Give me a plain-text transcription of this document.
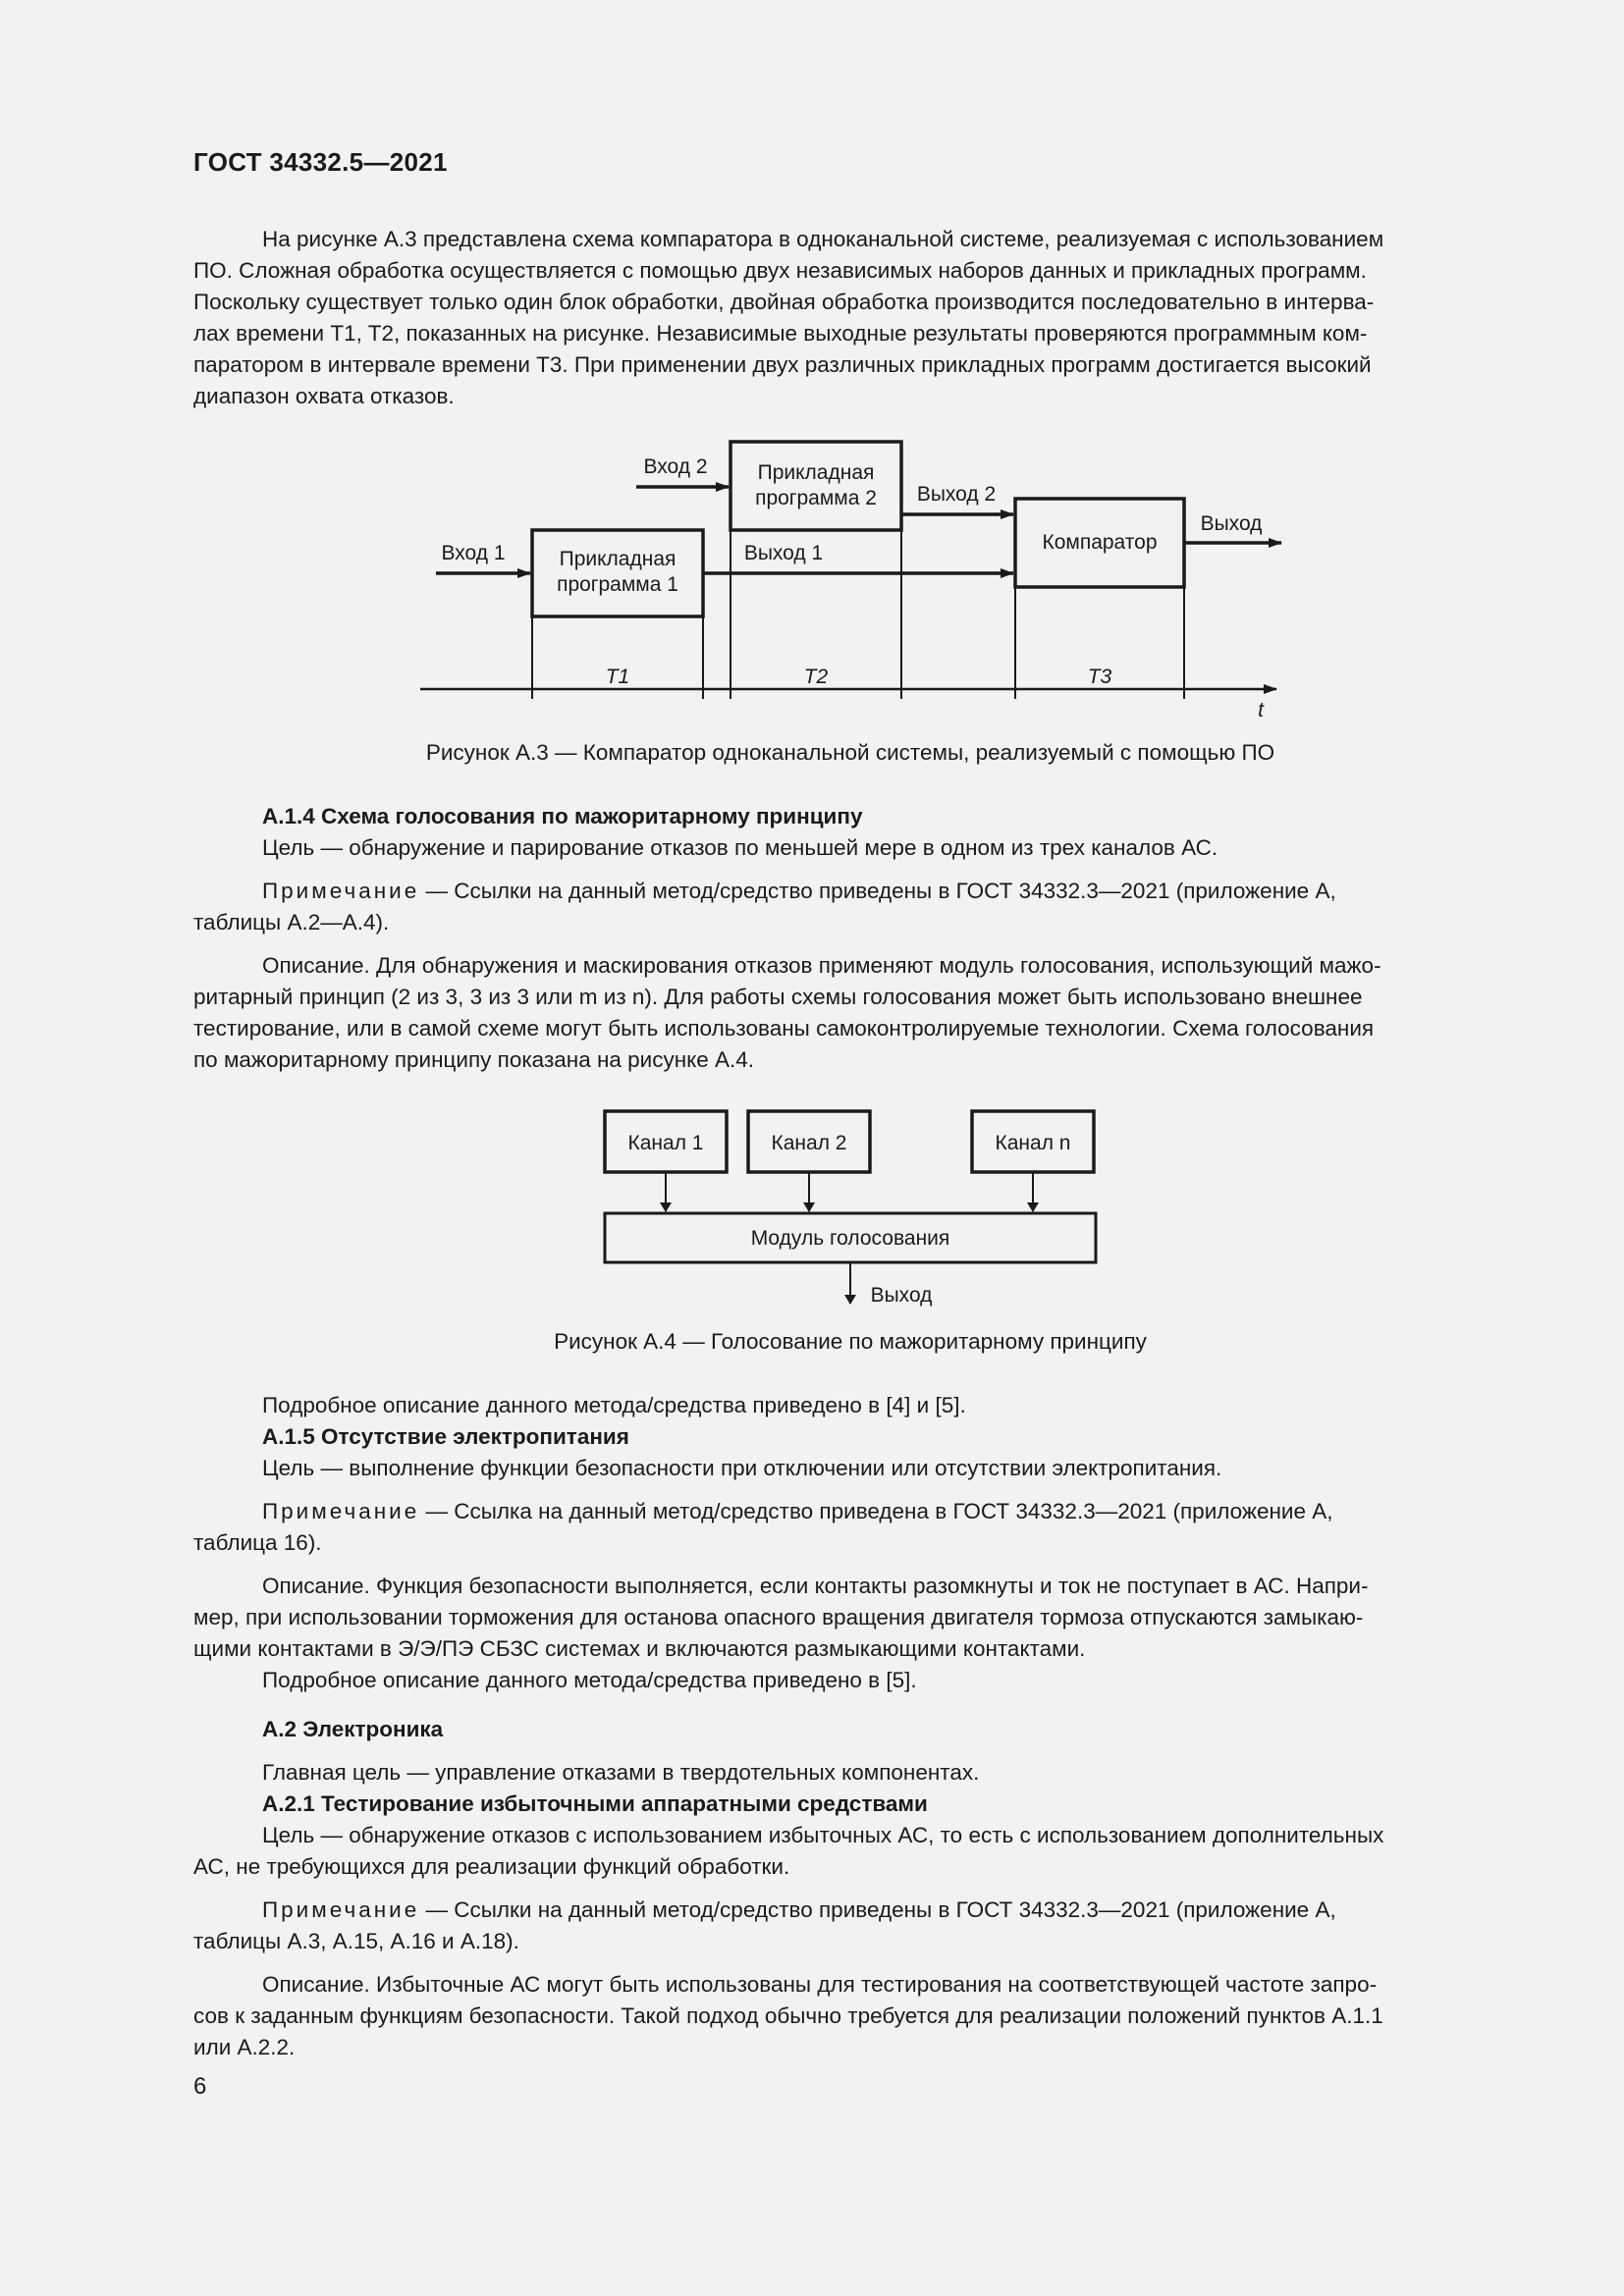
ГОСТ 34332.5—2021
На рисунке А.3 представлена схема компаратора в одноканальной системе, реализуемая с использованием
ПО. Сложная обработка осуществляется с помощью двух независимых наборов данных и прикладных программ.
Поскольку существует только один блок обработки, двойная обработка производится последовательно в интерва-
лах времени T1, T2, показанных на рисунке. Независимые выходные результаты проверяются программным ком-
паратором в интервале времени T3. При применении двух различных прикладных программ достигается высокий
диапазон охвата отказов.
Вход 1
Вход 2
Прикладная
программа 1
Прикладная
программа 2
Выход 1
Выход 2
Компаратор
Выход
T1	T2	T3
t
Рисунок А.3 — Компаратор одноканальной системы, реализуемый с помощью ПО
А.1.4 Схема голосования по мажоритарному принципу
Цель — обнаружение и парирование отказов по меньшей мере в одном из трех каналов АС.
Примечание — Ссылки на данный метод/средство приведены в ГОСТ 34332.3—2021 (приложение А,
таблицы А.2—А.4).
Описание. Для обнаружения и маскирования отказов применяют модуль голосования, использующий мажо-
ритарный принцип (2 из 3, 3 из 3 или m из n). Для работы схемы голосования может быть использовано внешнее
тестирование, или в самой схеме могут быть использованы самоконтролируемые технологии. Схема голосования
по мажоритарному принципу показана на рисунке А.4.
Канал 1	Канал 2	Канал n
Модуль голосования
Выход
Рисунок А.4 — Голосование по мажоритарному принципу
Подробное описание данного метода/средства приведено в [4] и [5].
А.1.5 Отсутствие электропитания
Цель — выполнение функции безопасности при отключении или отсутствии электропитания.
Примечание — Ссылка на данный метод/средство приведена в ГОСТ 34332.3—2021 (приложение А,
таблица 16).
Описание. Функция безопасности выполняется, если контакты разомкнуты и ток не поступает в АС. Напри-
мер, при использовании торможения для останова опасного вращения двигателя тормоза отпускаются замыкаю-
щими контактами в Э/Э/ПЭ СБЗС системах и включаются размыкающими контактами.
Подробное описание данного метода/средства приведено в [5].
А.2 Электроника
Главная цель — управление отказами в твердотельных компонентах.
А.2.1 Тестирование избыточными аппаратными средствами
Цель — обнаружение отказов с использованием избыточных АС, то есть с использованием дополнительных
АС, не требующихся для реализации функций обработки.
Примечание — Ссылки на данный метод/средство приведены в ГОСТ 34332.3—2021 (приложение А,
таблицы А.3, А.15, А.16 и А.18).
Описание. Избыточные АС могут быть использованы для тестирования на соответствующей частоте запро-
сов к заданным функциям безопасности. Такой подход обычно требуется для реализации положений пунктов А.1.1
или А.2.2.
6
